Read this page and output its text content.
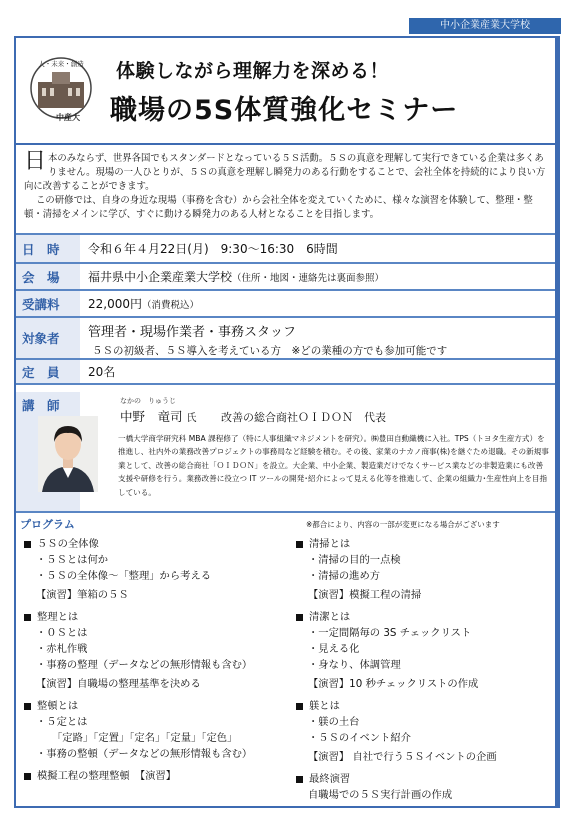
中小企業産業大学校
人・未来・創造
中産大
体験しながら理解力を深める！
職場の5S体質強化セミナー

日 本のみならず、世界各国でもスタンダードとなっている５Ｓ活動。５Ｓの真意を理解して実行できている企業は多くありません。現場の一人ひとりが、５Ｓの真意を理解し瞬発力のある行動をすることで、会社全体を持続的により良い方向に改善することができます。

この研修では、自身の身近な現場（事務を含む）から会社全体を変えていくために、様々な演習を体験して、整理・整頓・清掃をメインに学び、すぐに動ける瞬発力のある人材となることを目指します。

日　時	令和６年４月22日(月)　9:30～16:30　6時間
会　場	福井県中小企業産業大学校 （住所・地図・連絡先は裏面参照）
受講料	22,000円 （消費税込）
対象者	管理者・現場作業者・事務スタッフ
５Ｓの初級者、５Ｓ導入を考えている方　※どの業種の方でも参加可能です
定　員	20名
講　師	なかの　りゅうじ
中野　竜司 氏 改善の総合商社ＯＩＤＯＮ　代表
一橋大学商学研究科 MBA 課程修了（特に人事組織マネジメントを研究）。㈱豊田自動織機に入社。TPS（トヨタ生産方式）を推進し、社内外の業務改善プロジェクトの事務局など経験を積む。その後、家業のナカノ商事(株)を継ぐため退職。その新規事業として、改善の総合商社「ＯＩＤＯＮ」を設立。大企業、中小企業、製造業だけでなくサービス業などの非製造業にも改善支援や研修を行う。業務改善に役立つ IT ツールの開発･紹介によって見える化等を推進して、企業の組織力･生産性向上を目指している。
プログラム	※都合により、内容の一部が変更になる場合がございます
５Ｓの全体像
・５Ｓとは何か
・５Ｓの全体像～「整理」から考える
【演習】筆箱の５Ｓ
整理とは
・０Ｓとは
・赤札作戦
・事務の整理（データなどの無形情報も含む）
【演習】自職場の整理基準を決める
整頓とは
・５定とは
「定路」「定置」「定名」「定量」「定色」
・事務の整頓（データなどの無形情報も含む）
模擬工程の整理整頓　【演習】
清掃とは
・清掃の目的一点検
・清掃の進め方
【演習】模擬工程の清掃
清潔とは
・一定間隔毎の 3S チェックリスト
・見える化
・身なり、体調管理
【演習】10 秒チェックリストの作成
躾とは
・躾の土台
・５Ｓのイベント紹介
【演習】 自社で行う５Ｓイベントの企画
最終演習
自職場での５Ｓ実行計画の作成
